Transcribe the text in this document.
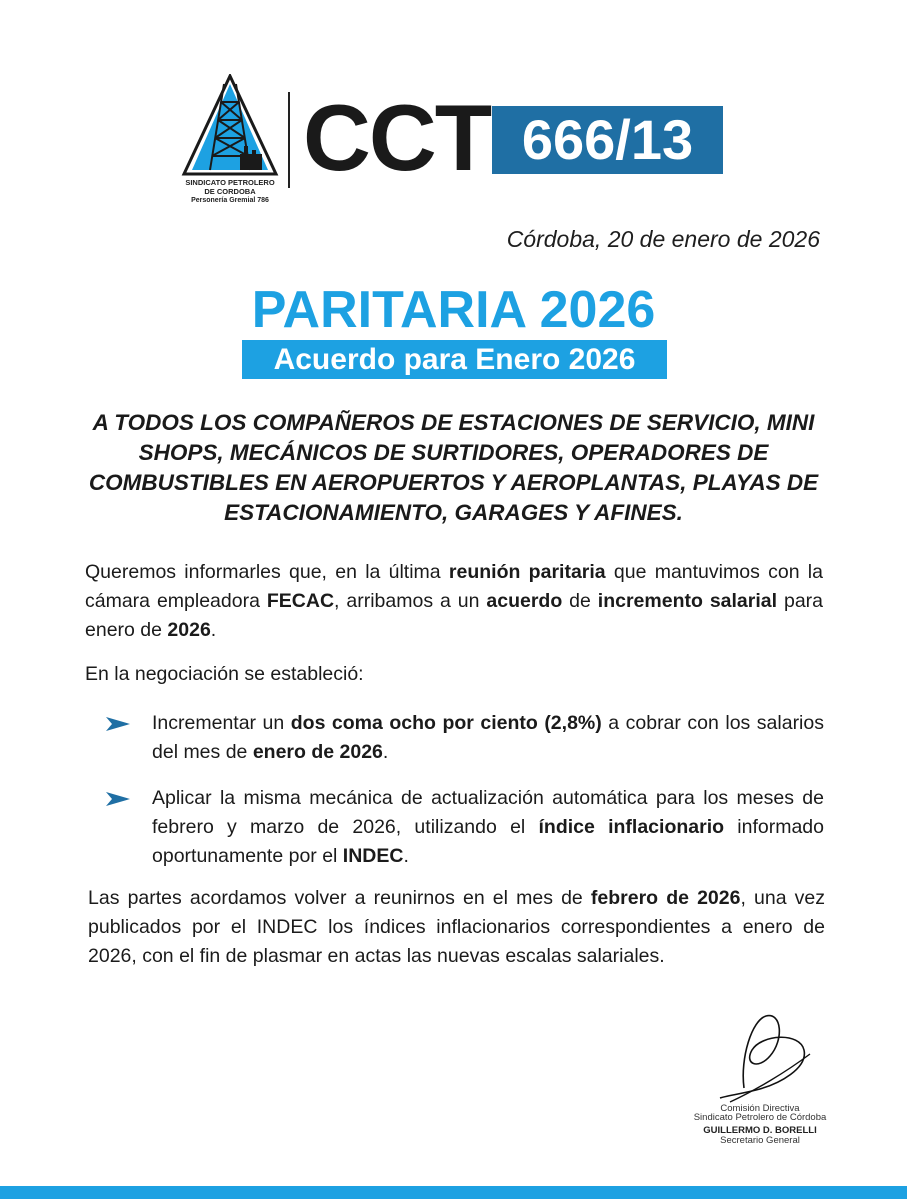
SINDICATO PETROLERO
DE CORDOBA
Personería Gremial 786
CCT 666/13
Córdoba, 20 de enero de 2026
PARITARIA 2026
Acuerdo para Enero 2026
A TODOS LOS COMPAÑEROS DE ESTACIONES DE SERVICIO, MINI SHOPS, MECÁNICOS DE SURTIDORES, OPERADORES DE COMBUSTIBLES EN AEROPUERTOS Y AEROPLANTAS, PLAYAS DE ESTACIONAMIENTO, GARAGES Y AFINES.
Queremos informarles que, en la última reunión paritaria que mantuvimos con la cámara empleadora FECAC, arribamos a un acuerdo de incremento salarial para enero de 2026.
En la negociación se estableció:
Incrementar un dos coma ocho por ciento (2,8%) a cobrar con los salarios del mes de enero de 2026.
Aplicar la misma mecánica de actualización automática para los meses de febrero y marzo de 2026, utilizando el índice inflacionario informado oportunamente por el INDEC.
Las partes acordamos volver a reunirnos en el mes de febrero de 2026, una vez publicados por el INDEC los índices inflacionarios correspondientes a enero de 2026, con el fin de plasmar en actas las nuevas escalas salariales.
Comisión Directiva
Sindicato Petrolero de Córdoba
GUILLERMO D. BORELLI
Secretario General
